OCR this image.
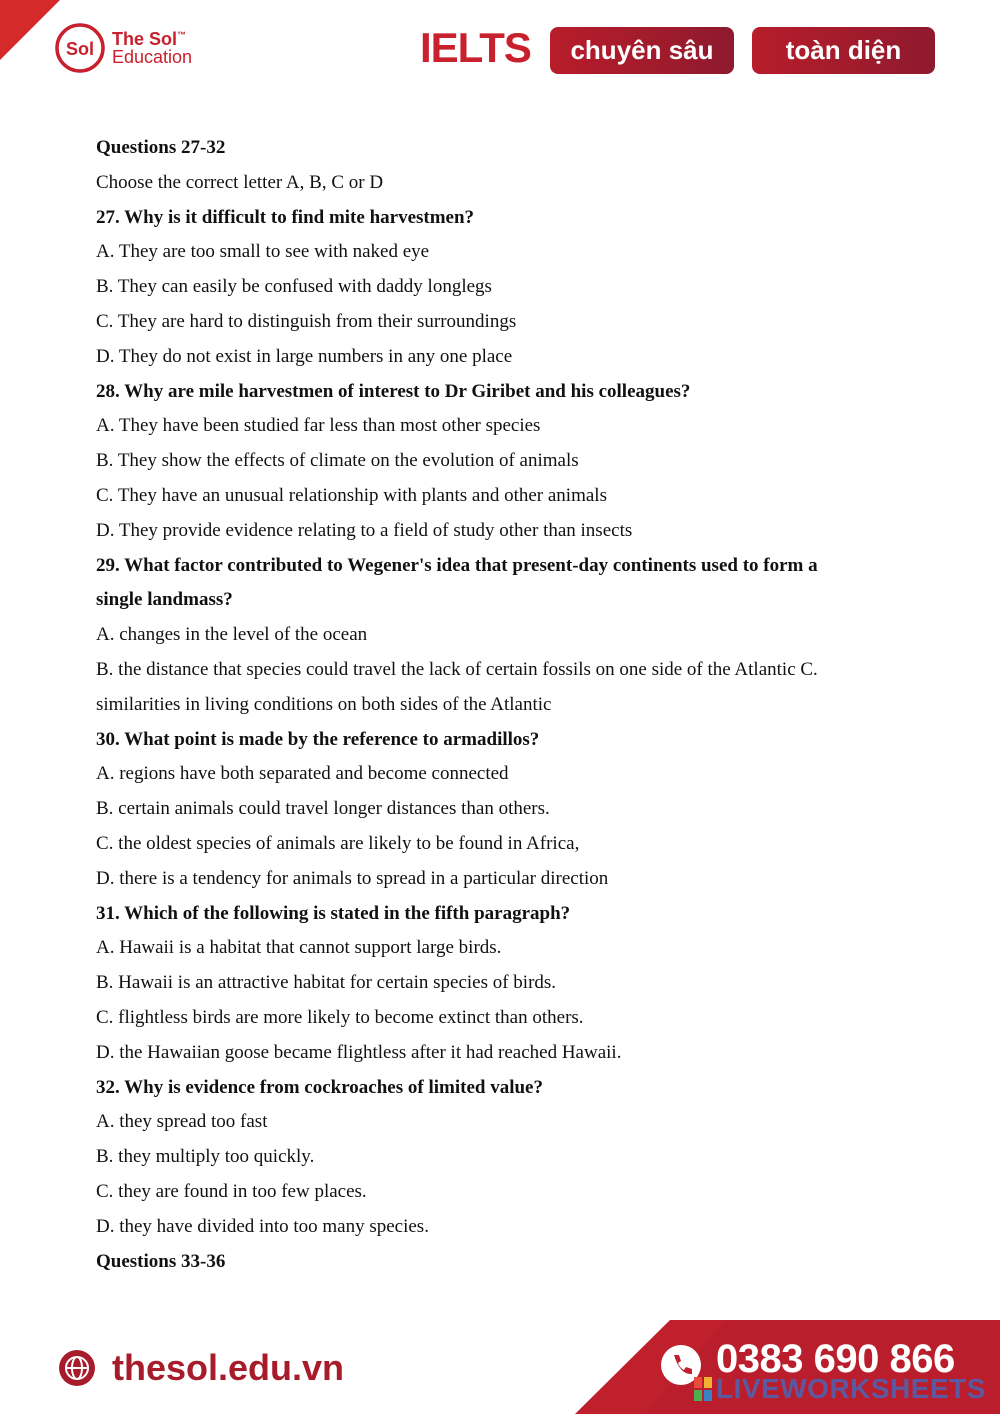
Sol The Sol™
Education	IELTS	chuyên sâu	toàn diện
Questions 27-32
Choose the correct letter A, B, C or D
27. Why is it difficult to find mite harvestmen?
A. They are too small to see with naked eye
B. They can easily be confused with daddy longlegs
C. They are hard to distinguish from their surroundings
D. They do not exist in large numbers in any one place
28. Why are mile harvestmen of interest to Dr Giribet and his colleagues?
A. They have been studied far less than most other species
B. They show the effects of climate on the evolution of animals
C. They have an unusual relationship with plants and other animals
D. They provide evidence relating to a field of study other than insects
29. What factor contributed to Wegener's idea that present-day continents used to form a
single landmass?
A. changes in the level of the ocean
B. the distance that species could travel the lack of certain fossils on one side of the Atlantic C.
similarities in living conditions on both sides of the Atlantic
30. What point is made by the reference to armadillos?
A. regions have both separated and become connected
B. certain animals could travel longer distances than others.
C. the oldest species of animals are likely to be found in Africa,
D. there is a tendency for animals to spread in a particular direction
31. Which of the following is stated in the fifth paragraph?
A. Hawaii is a habitat that cannot support large birds.
B. Hawaii is an attractive habitat for certain species of birds.
C. flightless birds are more likely to become extinct than others.
D. the Hawaiian goose became flightless after it had reached Hawaii.
32. Why is evidence from cockroaches of limited value?
A. they spread too fast
B. they multiply too quickly.
C. they are found in too few places.
D. they have divided into too many species.
Questions 33-36
thesol.edu.vn	0383 690 866
LIVEWORKSHEETS
